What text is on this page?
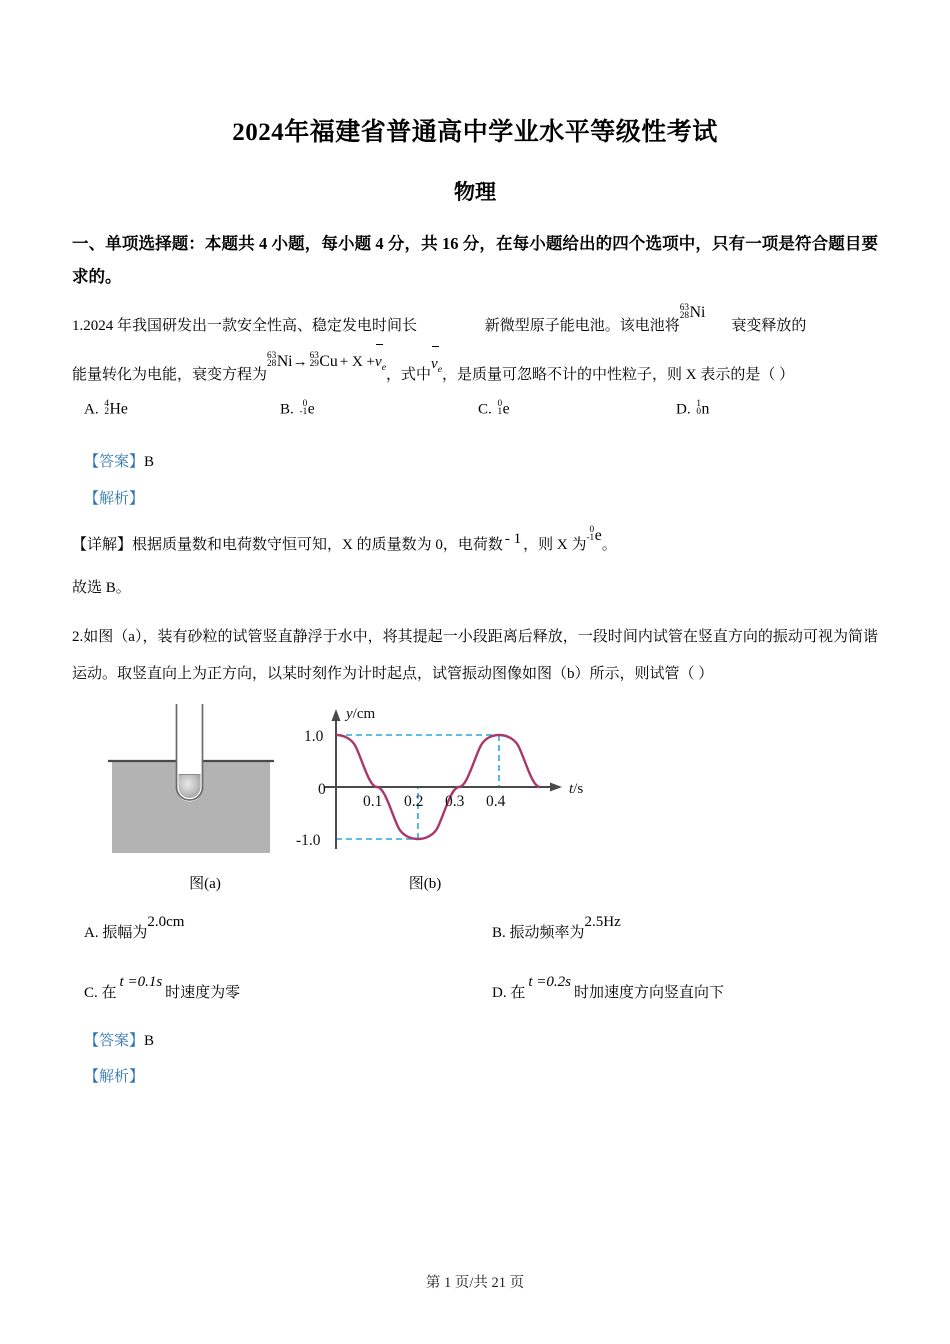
2024年福建省普通高中学业水平等级性考试
物理

一、单项选择题：本题共 4 小题，每小题 4 分，共 16 分，在每小题给出的四个选项中，只有一项是符合题目要求的。

1.2024 年我国研发出一款安全性高、稳定发电时间长	新微型原子能电池。该电池将
63
28 Ni衰变释放的

能量转化为电能，衰变方程为
63
28 Ni→ 63
29 Cu + X +
$\nu_e$，式中
$\nu_e$，是质量可忽略不计的中性粒子，则 X 表示的是（ ）

A. 4
2 He	B. 0
-1 e	C. 0
1 e	D. 1
0 n

【答案】B

【解析】

【详解】根据质量数和电荷数守恒可知，X 的质量数为 0，电荷数 - 1 ，则 X 为
0
-1 e。

故选 B。

2.如图（a），装有砂粒的试管竖直静浮于水中，将其提起一小段距离后释放，一段时间内试管在竖直方向的振动可视为简谐运动。取竖直向上为正方向，以某时刻作为计时起点，试管振动图像如图（b）所示，则试管（ ）

图(a)
y/cm
t/s
1.0
0
-1.0
0.1 0.2 0.3 0.4
图(b)
A. 振幅为2.0cm
B. 振动频率为2.5Hz
C. 在t =0.1s时速度为零	D. 在t =0.2s时加速度方向竖直向下

【答案】B

【解析】

第 1 页/共 21 页
